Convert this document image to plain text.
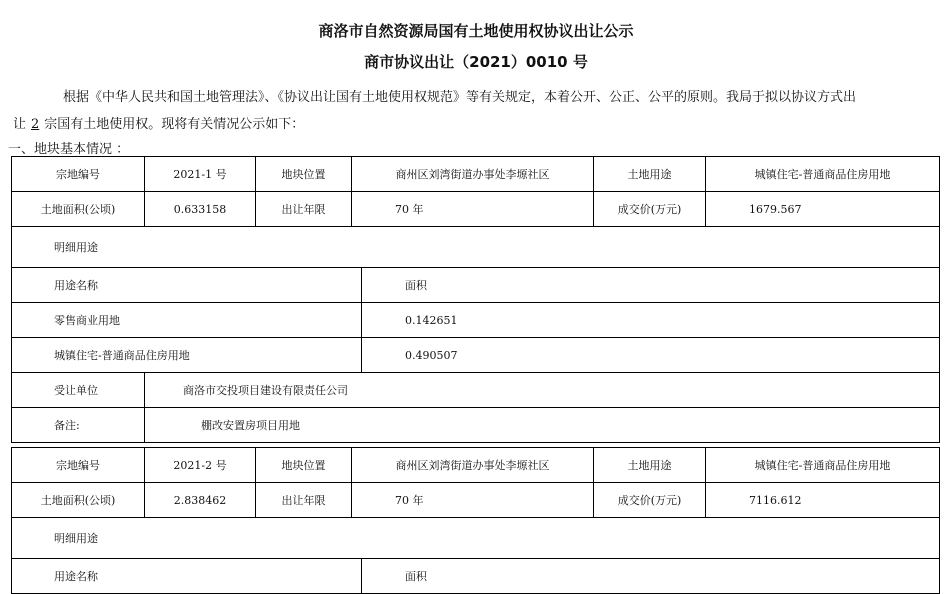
商洛市自然资源局国有土地使用权协议出让公示
商市协议出让（2021）0010 号
根据《中华人民共和国土地管理法》、《协议出让国有土地使用权规范》等有关规定，本着公开、公正、公平的原则。我局于拟以协议方式出
让 2 宗国有土地使用权。现将有关情况公示如下：
一、地块基本情况 ：
宗地编号	2021-1 号	地块位置	商州区刘湾街道办事处李塬社区		土地用途	城镇住宅-普通商品住房用地
土地面积(公顷)	0.633158	出让年限	70 年		成交价(万元)	1679.567
明细用途						
用途名称				面积		
零售商业用地				0.142651		
城镇住宅-普通商品住房用地				0.490507		
受让单位	商洛市交投项目建设有限责任公司					
备注:	棚改安置房项目用地					
宗地编号	2021-2 号	地块位置	商州区刘湾街道办事处李塬社区		土地用途	城镇住宅-普通商品住房用地
土地面积(公顷)	2.838462	出让年限	70 年		成交价(万元)	7116.612
明细用途						
用途名称				面积		
